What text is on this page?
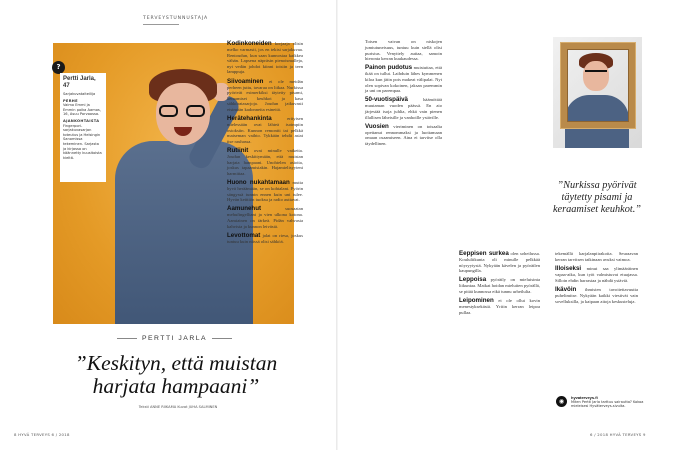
TERVEYSTUNNUSTAJA
?
Pertti Jarla, 47
Sarjakuvataiteilija
PERHE
Vaimo Emmi ja Emmin poika Aamos, 16, Asuu Porvoossa.
AJANKOHTAISTA
Fingerpori-sarjakuvasarjan toteutus ja Helsingin Sanomissa tekeminen. Sarjasta ja kirjassa on käännetty kuusitoista kieltä.
PERTTI JARLA
”Keskityn, että muistan harjata hampaani”
Teksti ANNE RIIKAMA Kuvat JUHA SALMINEN

Kodinkoneiden korjaaja olisin melko varmasti, jos en tekisi sarjakuvaa. Rentoudun, kun saan kunnostaa kaikkea vähän. Lapsena näpräsin pienoismalleja, nyt vedän johdot kiinni toisiin ja teen lamppuja.

Siivoaminen ei ole meidän perheen juttu, tavaraa on liikaa. Nurkissa pyörivät esimerkiksi täytetty pisami, keraamiset keuhkot ja kasa sähköratasarjoja. Joudun jatkuvasti etsimään kadonneita esineitä.

Herätehankinta erityisen mielessään ovat lähteä isoimpiin ostoksiin. Kunnon remontti tai pelkkä maiseman vaihto. Tykkään tehdä asiat itse rauhassa.

Rutiinit ovat minulle vaikeita. Joudun keskittymään, että muistan harjata hampaani. Unohtelen asioita, joskus tapaamisiakin. Hajamielisyyteni harmittaa.

Huono nukahtamaan mutta hyvä heräämään, se on kohtalani. Pyörin sängyssä tunnin ennen kuin uni tulee. Hyvän keittiön tuoksu ja radio auttavat.

Aamunehut suosaatan mehufingelliani ja vien ulkona kotona. Aamiainen on tärkeä. Pidän vahvasta kahvista ja kunnon leivästä.

Levottomat jalat on riesa, joskus tuntuu kuin niissä olisi sähköä.

Toisen vaivan on niskojen jumiutuneisuus, tuntuu kuin siellä olisi puristus. Venyttely auttaa, samoin hieronta kerran kuukaudessa.

Painon pudotus muistuttaa, että ikää on tullut. Laihduin lähes kymmenen kiloa kun jätin pois makeat välipalat. Nyt olen sopivan kokoinen, jaksan paremmin ja uni on parempaa.

50-vuotispäivä häämöttää muutaman vuoden päässä. En aio järjestää isoja juhlia, ehkä vain pienen illallisen läheisille ja vanhoille ystäville.

Vuosien vieriminen on toisaalta opettanut rennommaksi ja luottamaan omaan osaamiseen. Aina ei tarvitse olla täydellinen.

Eeppisen surkea olen urheilussa. Koululiikunta oli minulle pelkkää nöyryytystä. Nykyään kävelen ja pyöräilen kaupungilla.

Leppoisa pyöräily on mieluisinta liikuntaa. Matkat hoidan mieluiten pyörällä, se pitää kunnossa eikä tunnu urheilulta.

Leipominen ei ole ollut kovin menestyksekästä. Yritin kerran leipoa pullaa.

”Nurkissa pyörivät täytetty pisami ja keraamiset keuhkot.”

tekemällä karjalanpiirakoita. Seuraavan kerran tarvitsen taikinaan avuksi vaimoa.

Illoiseksi minut saa ylimääräinen vapaa-aika, kun työt valmistuvat etuajassa. Silloin ehdin harrastaa ja nähdä ystäviä.

Ikävöin ihmisten tavoitettavuutta puhelimitse. Nykyään kaikki viestivät vain sovelluksilla, ja kaipaan aitoja keskusteluja.

◉
hyvaterveys.fi
Miten Pertti Jarla tarttuu sairautta? Kokoa mieleisesi Hyväterveys-sivulta.
8 HYVÄ TERVEYS 6 / 2018	6 / 2018 HYVÄ TERVEYS 9
